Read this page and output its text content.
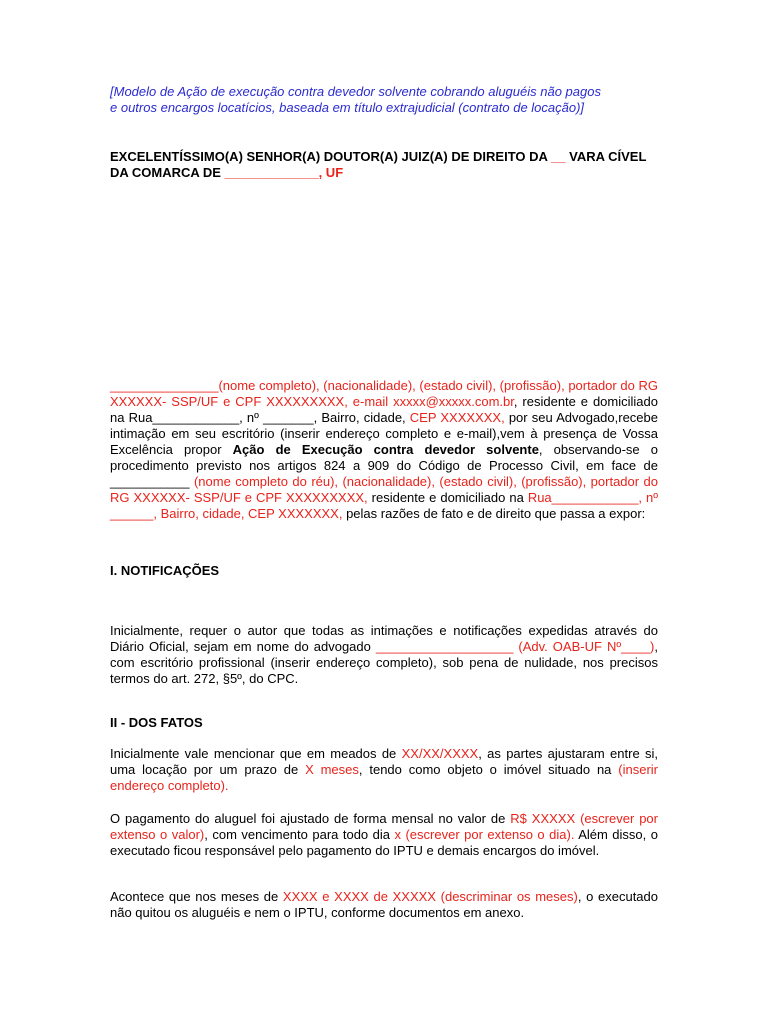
[Modelo de Ação de execução contra devedor solvente cobrando aluguéis não pagos
e outros encargos locatícios, baseada em título extrajudicial (contrato de locação)]

EXCELENTÍSSIMO(A) SENHOR(A) DOUTOR(A) JUIZ(A) DE DIREITO DA __ VARA CÍVEL DA COMARCA DE _____________, UF

_______________(nome completo), (nacionalidade), (estado civil), (profissão), portador do RG XXXXXX- SSP/UF e CPF XXXXXXXXX, e-mail xxxxx@xxxxx.com.br, residente e domiciliado na Rua____________, nº _______, Bairro, cidade, CEP XXXXXXX, por seu Advogado,recebe intimação em seu escritório (inserir endereço completo e e-mail),vem à presença de Vossa Excelência propor Ação de Execução contra devedor solvente, observando-se o procedimento previsto nos artigos 824 a 909 do Código de Processo Civil, em face de ___________ (nome completo do réu), (nacionalidade), (estado civil), (profissão), portador do RG XXXXXX- SSP/UF e CPF XXXXXXXXX, residente e domiciliado na Rua____________, nº ______, Bairro, cidade, CEP XXXXXXX, pelas razões de fato e de direito que passa a expor:

I. NOTIFICAÇÕES

Inicialmente, requer o autor que todas as intimações e notificações expedidas através do Diário Oficial, sejam em nome do advogado ___________________ (Adv. OAB-UF Nº____), com escritório profissional (inserir endereço completo), sob pena de nulidade, nos precisos termos do art. 272, §5º, do CPC.

II - DOS FATOS

Inicialmente vale mencionar que em meados de XX/XX/XXXX, as partes ajustaram entre si, uma locação por um prazo de X meses, tendo como objeto o imóvel situado na (inserir endereço completo).

O pagamento do aluguel foi ajustado de forma mensal no valor de R$ XXXXX (escrever por extenso o valor), com vencimento para todo dia x (escrever por extenso o dia). Além disso, o executado ficou responsável pelo pagamento do IPTU e demais encargos do imóvel.

Acontece que nos meses de XXXX e XXXX de XXXXX (descriminar os meses), o executado não quitou os aluguéis e nem o IPTU, conforme documentos em anexo.
